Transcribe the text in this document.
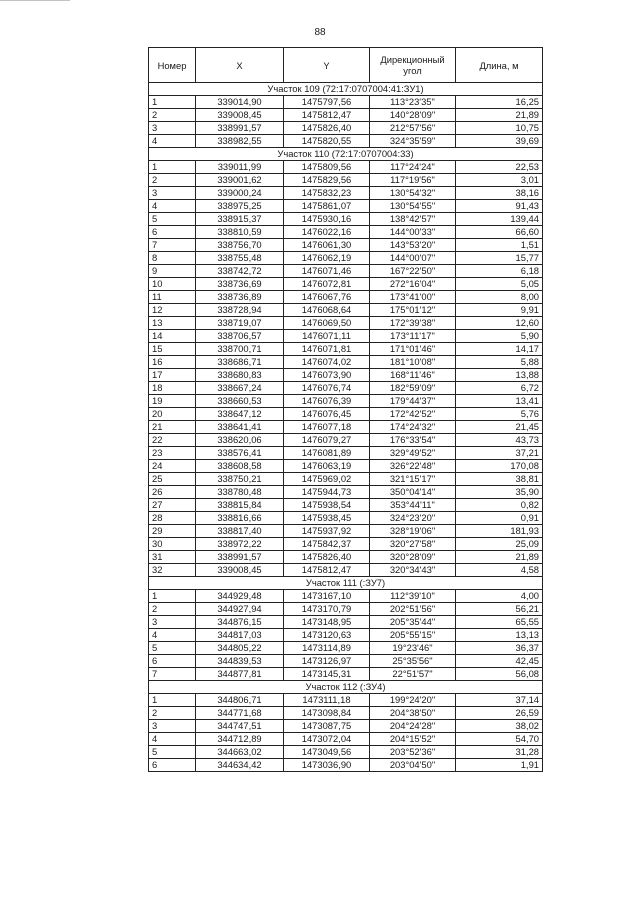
88
Номер	X	Y	Дирекционный угол	Длина, м
Участок 109 (72:17:0707004:41:ЗУ1)				
1	339014,90	1475797,56	113°23'35"	16,25
2	339008,45	1475812,47	140°28'09"	21,89
3	338991,57	1475826,40	212°57'56"	10,75
4	338982,55	1475820,55	324°35'59"	39,69
Участок 110 (72:17:0707004:33)				
1	339011,99	1475809,56	117°24'24"	22,53
2	339001,62	1475829,56	117°19'56"	3,01
3	339000,24	1475832,23	130°54'32"	38,16
4	338975,25	1475861,07	130°54'55"	91,43
5	338915,37	1475930,16	138°42'57"	139,44
6	338810,59	1476022,16	144°00'33"	66,60
7	338756,70	1476061,30	143°53'20"	1,51
8	338755,48	1476062,19	144°00'07"	15,77
9	338742,72	1476071,46	167°22'50"	6,18
10	338736,69	1476072,81	272°16'04"	5,05
11	338736,89	1476067,76	173°41'00"	8,00
12	338728,94	1476068,64	175°01'12"	9,91
13	338719,07	1476069,50	172°39'38"	12,60
14	338706,57	1476071,11	173°11'17"	5,90
15	338700,71	1476071,81	171°01'46"	14,17
16	338686,71	1476074,02	181°10'08"	5,88
17	338680,83	1476073,90	168°11'46"	13,88
18	338667,24	1476076,74	182°59'09"	6,72
19	338660,53	1476076,39	179°44'37"	13,41
20	338647,12	1476076,45	172°42'52"	5,76
21	338641,41	1476077,18	174°24'32"	21,45
22	338620,06	1476079,27	176°33'54"	43,73
23	338576,41	1476081,89	329°49'52"	37,21
24	338608,58	1476063,19	326°22'48"	170,08
25	338750,21	1475969,02	321°15'17"	38,81
26	338780,48	1475944,73	350°04'14"	35,90
27	338815,84	1475938,54	353°44'11"	0,82
28	338816,66	1475938,45	324°23'20"	0,91
29	338817,40	1475937,92	328°19'06"	181,93
30	338972,22	1475842,37	320°27'58"	25,09
31	338991,57	1475826,40	320°28'09"	21,89
32	339008,45	1475812,47	320°34'43"	4,58
Участок 111 (:ЗУ7)				
1	344929,48	1473167,10	112°39'10"	4,00
2	344927,94	1473170,79	202°51'56"	56,21
3	344876,15	1473148,95	205°35'44"	65,55
4	344817,03	1473120,63	205°55'15"	13,13
5	344805,22	1473114,89	19°23'46"	36,37
6	344839,53	1473126,97	25°35'56"	42,45
7	344877,81	1473145,31	22°51'57"	56,08
Участок 112 (:ЗУ4)				
1	344806,71	1473111,18	199°24'20"	37,14
2	344771,68	1473098,84	204°38'50"	26,59
3	344747,51	1473087,75	204°24'28"	38,02
4	344712,89	1473072,04	204°15'52"	54,70
5	344663,02	1473049,56	203°52'36"	31,28
6	344634,42	1473036,90	203°04'50"	1,91
